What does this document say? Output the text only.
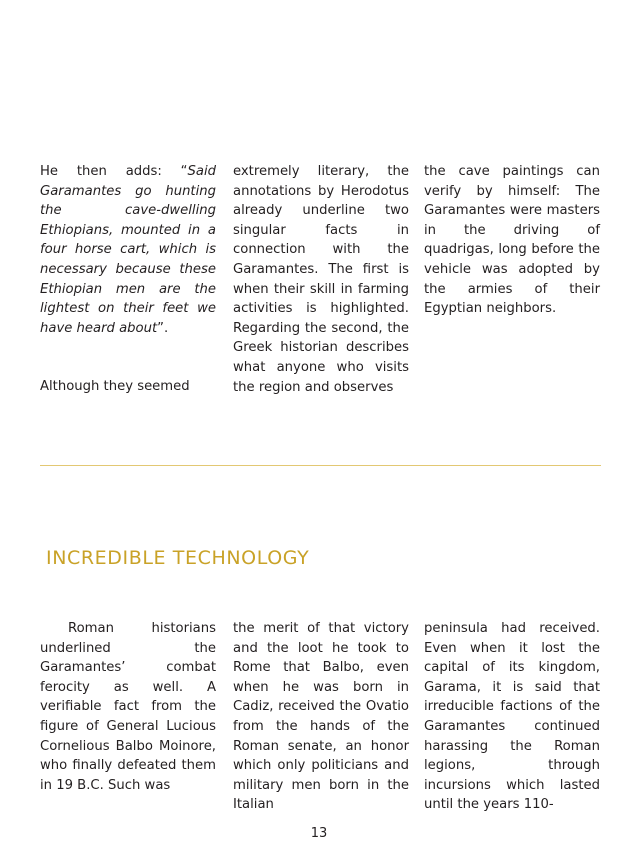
He then adds: “Said Garamantes go hunting the cave-dwelling Ethiopians, mounted in a four horse cart, which is necessary because these Ethiopian men are the lightest on their feet we have heard about”.

Although they seemed

extremely literary, the annotations by Herodotus already underline two singular facts in connection with the Garamantes. The first is when their skill in farming activities is highlighted. Regarding the second, the Greek historian describes what anyone who visits the region and observes

the cave paintings can verify by himself: The Garamantes were masters in the driving of quadrigas, long before the vehicle was adopted by the armies of their Egyptian neighbors.

INCREDIBLE TECHNOLOGY

Roman historians underlined the Garamantes’ combat ferocity as well. A verifiable fact from the figure of General Lucious Cornelious Balbo Moinore, who finally defeated them in 19 B.C. Such was

the merit of that victory and the loot he took to Rome that Balbo, even when he was born in Cadiz, received the Ovatio from the hands of the Roman senate, an honor which only politicians and military men born in the Italian

peninsula had received. Even when it lost the capital of its kingdom, Garama, it is said that irreducible factions of the Garamantes continued harassing the Roman legions, through incursions which lasted until the years 110-

13
